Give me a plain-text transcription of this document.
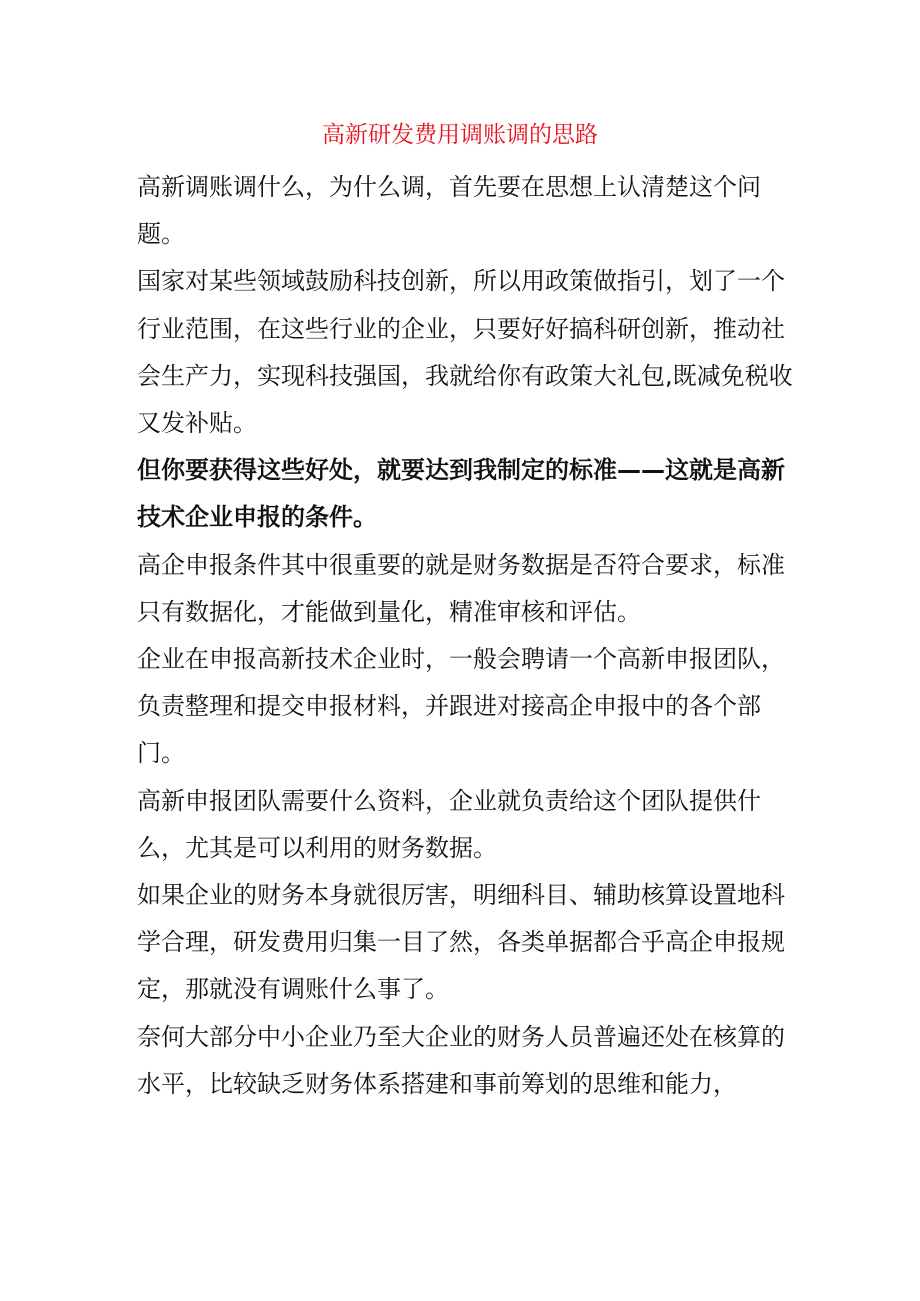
高新研发费用调账调的思路

高新调账调什么，为什么调，首先要在思想上认清楚这个问题。

国家对某些领域鼓励科技创新，所以用政策做指引，划了一个行业范围，在这些行业的企业，只要好好搞科研创新，推动社会生产力，实现科技强国，我就给你有政策大礼包,既减免税收又发补贴。

但你要获得这些好处，就要达到我制定的标准——这就是高新技术企业申报的条件。

高企申报条件其中很重要的就是财务数据是否符合要求，标准只有数据化，才能做到量化，精准审核和评估。

企业在申报高新技术企业时，一般会聘请一个高新申报团队，负责整理和提交申报材料，并跟进对接高企申报中的各个部门。

高新申报团队需要什么资料，企业就负责给这个团队提供什么，尤其是可以利用的财务数据。

如果企业的财务本身就很厉害，明细科目、辅助核算设置地科学合理，研发费用归集一目了然，各类单据都合乎高企申报规定，那就没有调账什么事了。

奈何大部分中小企业乃至大企业的财务人员普遍还处在核算的水平，比较缺乏财务体系搭建和事前筹划的思维和能力，
